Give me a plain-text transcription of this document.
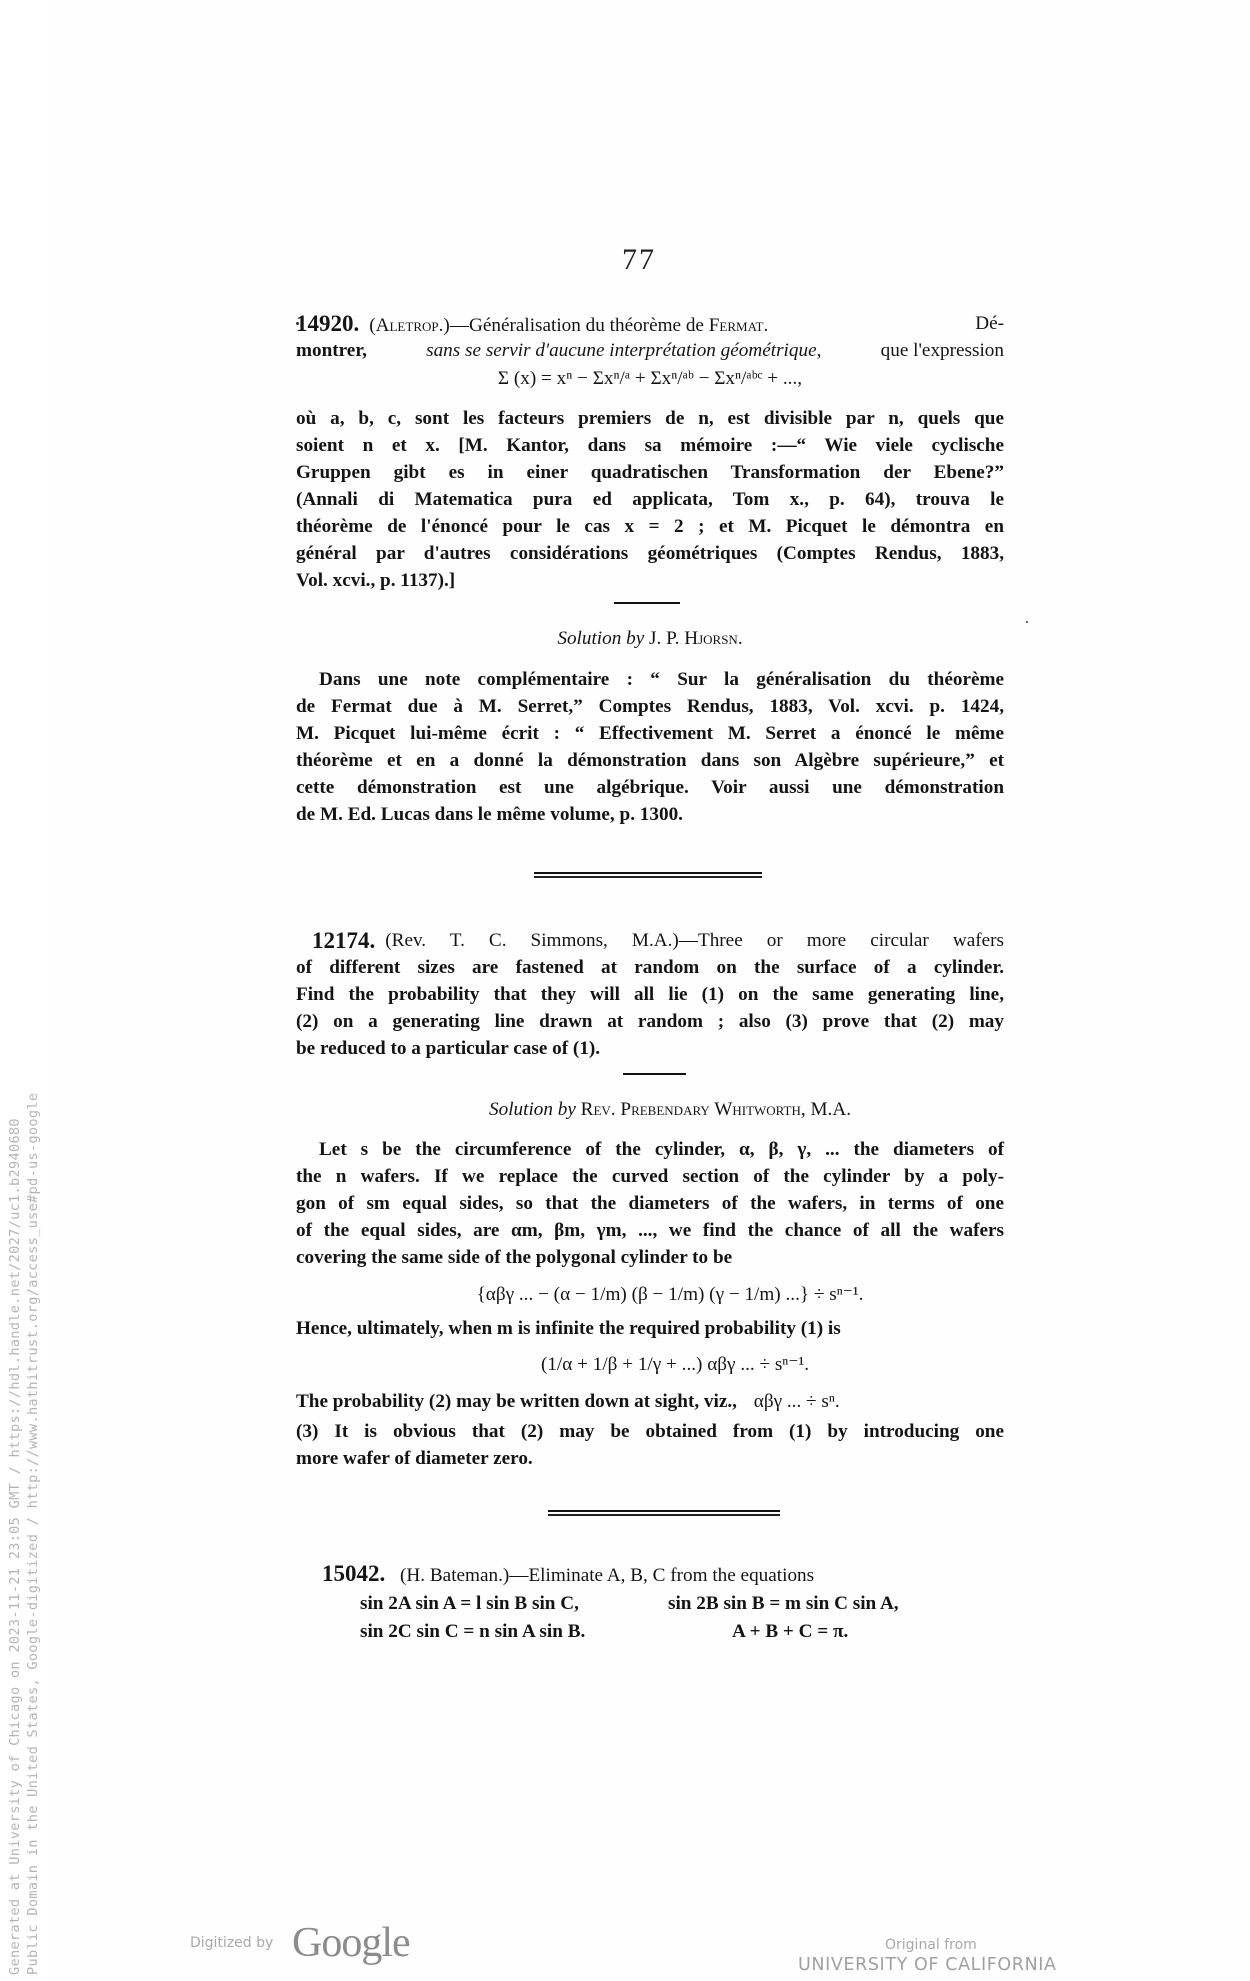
Generated at University of Chicago on 2023-11-21 23:05 GMT / https://hdl.handle.net/2027/uc1.b2940680 Public Domain in the United States, Google-digitized / http://www.hathitrust.org/access_use#pd-us-google
77
14920. (Aletrop.)—Généralisation du théorème de Fermat.	Dé-
montrer,	sans se servir d'aucune interprétation géométrique,	que l'expression
Σ (x) = xⁿ − Σxⁿ/ᵃ + Σxⁿ/ᵃᵇ − Σxⁿ/ᵃᵇᶜ + ...,
où a, b, c, sont les facteurs premiers de n, est divisible par n, quels que
soient n et x. [M. Kantor, dans sa mémoire :—“ Wie viele cyclische
Gruppen gibt es in einer quadratischen Transformation der Ebene?”
(Annali di Matematica pura ed applicata, Tom x., p. 64), trouva le
théorème de l'énoncé pour le cas x = 2 ; et M. Picquet le démontra en
général par d'autres considérations géométriques (Comptes Rendus, 1883,
Vol. xcvi., p. 1137).]
Solution by J. P. Hjorsn.
Dans une note complémentaire : “ Sur la généralisation du théorème
de Fermat due à M. Serret,” Comptes Rendus, 1883, Vol. xcvi. p. 1424,
M. Picquet lui-même écrit : “ Effectivement M. Serret a énoncé le même
théorème et en a donné la démonstration dans son Algèbre supérieure,” et
cette démonstration est une algébrique. Voir aussi une démonstration
de M. Ed. Lucas dans le même volume, p. 1300.
12174. (Rev. T. C. Simmons, M.A.)—Three or more circular wafers
of different sizes are fastened at random on the surface of a cylinder.
Find the probability that they will all lie (1) on the same generating line,
(2) on a generating line drawn at random ; also (3) prove that (2) may
be reduced to a particular case of (1).
Solution by Rev. Prebendary Whitworth, M.A.
Let s be the circumference of the cylinder, α, β, γ, ... the diameters of
the n wafers. If we replace the curved section of the cylinder by a poly-
gon of sm equal sides, so that the diameters of the wafers, in terms of one
of the equal sides, are αm, βm, γm, ..., we find the chance of all the wafers
covering the same side of the polygonal cylinder to be
{αβγ ... − (α − 1/m) (β − 1/m) (γ − 1/m) ...} ÷ sⁿ⁻¹.
Hence, ultimately, when m is infinite the required probability (1) is
(1/α + 1/β + 1/γ + ...) αβγ ... ÷ sⁿ⁻¹.
The probability (2) may be written down at sight, viz., αβγ ... ÷ sⁿ.
(3) It is obvious that (2) may be obtained from (1) by introducing one
more wafer of diameter zero.
15042. (H. Bateman.)—Eliminate A, B, C from the equations
sin 2A sin A = l sin B sin C,	sin 2B sin B = m sin C sin A,
sin 2C sin C = n sin A sin B.	A + B + C = π.
Digitized by Google	Original from
UNIVERSITY OF CALIFORNIA
